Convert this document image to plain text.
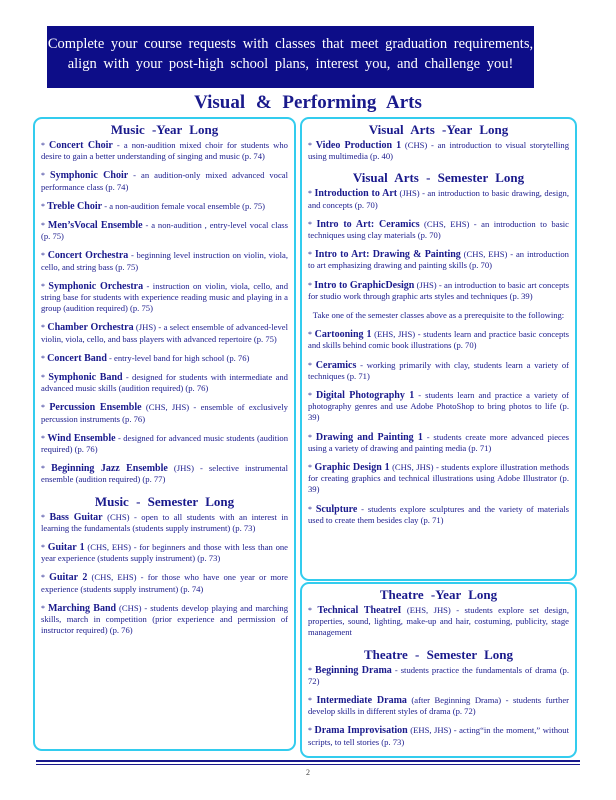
Complete your course requests with classes that meet graduation requirements,
align with your post-high school plans, interest you, and challenge you!
Visual & Performing Arts
Music -Year Long
* Concert Choir - a non-audition mixed choir for students who desire to gain a better understanding of singing and music (p. 74)
* Symphonic Choir - an audition-only mixed advanced vocal performance class (p. 74)
* Treble Choir - a non-audition female vocal ensemble (p. 75)
* Men’sVocal Ensemble - a non-audition , entry-level vocal class (p. 75)
* Concert Orchestra - beginning level instruction on violin, viola, cello, and string bass (p. 75)
* Symphonic Orchestra - instruction on violin, viola, cello, and string base for students with experience reading music and playing in a group (audition required) (p. 75)
* Chamber Orchestra (JHS) - a select ensemble of advanced-level violin, viola, cello, and bass players with advanced repertoire (p. 75)
* Concert Band - entry-level band for high school (p. 76)
* Symphonic Band - designed for students with intermediate and advanced music skills (audition required) (p. 76)
* Percussion Ensemble (CHS, JHS) - ensemble of exclusively percussion instruments (p. 76)
* Wind Ensemble - designed for advanced music students (audition required) (p. 76)
* Beginning Jazz Ensemble (JHS) - selective instrumental ensemble (audition required) (p. 77)
Music - Semester Long
* Bass Guitar (CHS) - open to all students with an interest in learning the fundamentals (students supply instrument) (p. 73)
* Guitar 1 (CHS, EHS) - for beginners and those with less than one year experience (students supply instrument) (p. 73)
* Guitar 2 (CHS, EHS) - for those who have one year or more experience (students supply instrument) (p. 74)
* Marching Band (CHS) - students develop playing and marching skills, march in competition (prior experience and permission of instructor required) (p. 76)
Visual Arts -Year Long
* Video Production 1 (CHS) - an introduction to visual storytelling using multimedia (p. 40)
Visual Arts - Semester Long
* Introduction to Art (JHS) - an introduction to basic drawing, design, and concepts (p. 70)
* Intro to Art: Ceramics (CHS, EHS) - an introduction to basic techniques using clay materials (p. 70)
* Intro to Art: Drawing & Painting (CHS, EHS) - an introduction to art emphasizing drawing and painting skills (p. 70)
* Intro to GraphicDesign (JHS) - an introduction to basic art concepts for studio work through graphic arts styles and techniques (p. 39)
Take one of the semester classes above as a prerequisite to the following:
* Cartooning 1 (EHS, JHS) - students learn and practice basic concepts and skills behind comic book illustrations (p. 70)
* Ceramics - working primarily with clay, students learn a variety of techniques (p. 71)
* Digital Photography 1 - students learn and practice a variety of photography genres and use Adobe PhotoShop to bring photos to life (p. 39)
* Drawing and Painting 1 - students create more advanced pieces using a variety of drawing and painting media (p. 71)
* Graphic Design 1 (CHS, JHS) - students explore illustration methods for creating graphics and technical illustrations using Adobe Illustrator (p. 39)
* Sculpture - students explore sculptures and the variety of materials used to create them besides clay (p. 71)
Theatre -Year Long
* Technical TheatreI (EHS, JHS) - students explore set design, properties, sound, lighting, make-up and hair, costuming, publicity, stage management
Theatre - Semester Long
* Beginning Drama - students practice the fundamentals of drama (p. 72)
* Intermediate Drama (after Beginning Drama) - students further develop skills in different styles of drama (p. 72)
* Drama Improvisation (EHS, JHS) - acting“in the moment,” without scripts, to tell stories (p. 73)
2
